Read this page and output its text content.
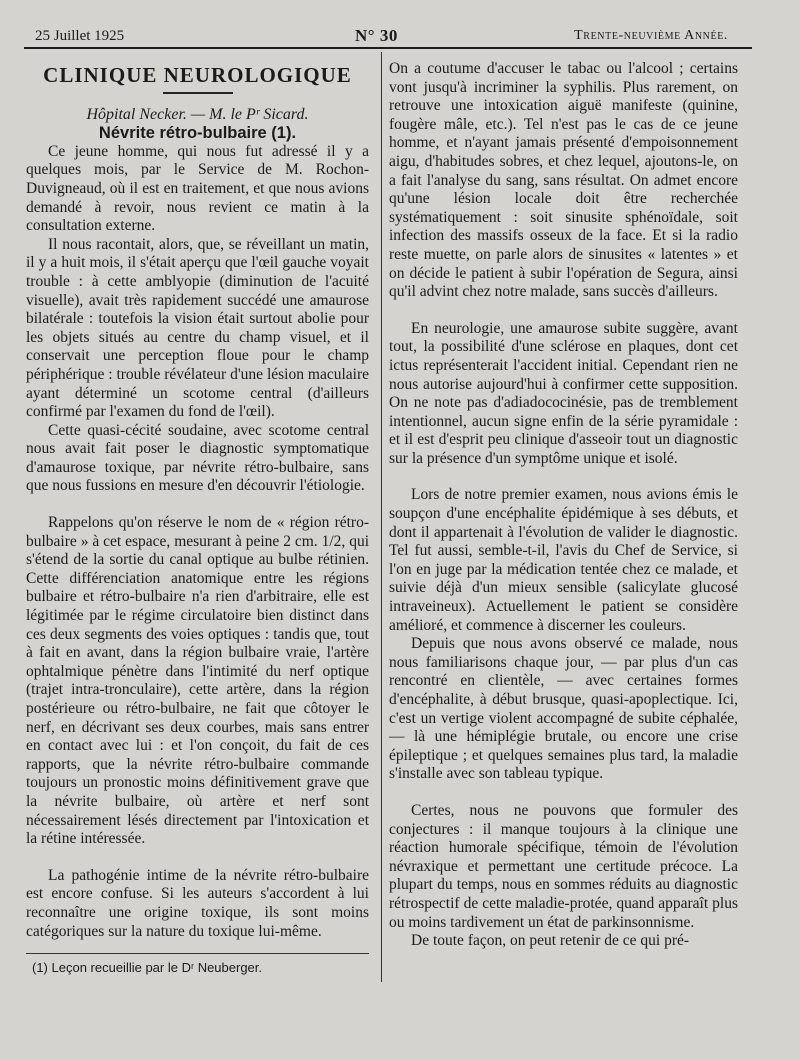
25 Juillet 1925	N° 30	Trente-neuvième Année.

CLINIQUE NEUROLOGIQUE

Hôpital Necker. — M. le Pʳ Sicard.

Névrite rétro-bulbaire (1).

Ce jeune homme, qui nous fut adressé il y a quelques mois, par le Service de M. Rochon-Duvigneaud, où il est en traitement, et que nous avions demandé à revoir, nous revient ce matin à la consultation externe.

Il nous racontait, alors, que, se réveillant un matin, il y a huit mois, il s'était aperçu que l'œil gauche voyait trouble : à cette amblyopie (diminution de l'acuité visuelle), avait très rapidement succédé une amaurose bilatérale : toutefois la vision était surtout abolie pour les objets situés au centre du champ visuel, et il conservait une perception floue pour le champ périphérique : trouble révélateur d'une lésion maculaire ayant déterminé un scotome central (d'ailleurs confirmé par l'examen du fond de l'œil).

Cette quasi-cécité soudaine, avec scotome central nous avait fait poser le diagnostic symptomatique d'amaurose toxique, par névrite rétro-bulbaire, sans que nous fussions en mesure d'en découvrir l'étiologie.

Rappelons qu'on réserve le nom de « région rétro-bulbaire » à cet espace, mesurant à peine 2 cm. 1/2, qui s'étend de la sortie du canal optique au bulbe rétinien. Cette différenciation anatomique entre les régions bulbaire et rétro-bulbaire n'a rien d'arbitraire, elle est légitimée par le régime circulatoire bien distinct dans ces deux segments des voies optiques : tandis que, tout à fait en avant, dans la région bulbaire vraie, l'artère ophtalmique pénètre dans l'intimité du nerf optique (trajet intra-tronculaire), cette artère, dans la région postérieure ou rétro-bulbaire, ne fait que côtoyer le nerf, en décrivant ses deux courbes, mais sans entrer en contact avec lui : et l'on conçoit, du fait de ces rapports, que la névrite rétro-bulbaire commande toujours un pronostic moins définitivement grave que la névrite bulbaire, où artère et nerf sont nécessairement lésés directement par l'intoxication et la rétine intéressée.

La pathogénie intime de la névrite rétro-bulbaire est encore confuse. Si les auteurs s'accordent à lui reconnaître une origine toxique, ils sont moins catégoriques sur la nature du toxique lui-même.

(1) Leçon recueillie par le Dʳ Neuberger.

On a coutume d'accuser le tabac ou l'alcool ; certains vont jusqu'à incriminer la syphilis. Plus rarement, on retrouve une intoxication aiguë manifeste (quinine, fougère mâle, etc.). Tel n'est pas le cas de ce jeune homme, et n'ayant jamais présenté d'empoisonnement aigu, d'habitudes sobres, et chez lequel, ajoutons-le, on a fait l'analyse du sang, sans résultat. On admet encore qu'une lésion locale doit être recherchée systématiquement : soit sinusite sphénoïdale, soit infection des massifs osseux de la face. Et si la radio reste muette, on parle alors de sinusites « latentes » et on décide le patient à subir l'opération de Segura, ainsi qu'il advint chez notre malade, sans succès d'ailleurs.

En neurologie, une amaurose subite suggère, avant tout, la possibilité d'une sclérose en plaques, dont cet ictus représenterait l'accident initial. Cependant rien ne nous autorise aujourd'hui à confirmer cette supposition. On ne note pas d'adiadococinésie, pas de tremblement intentionnel, aucun signe enfin de la série pyramidale : et il est d'esprit peu clinique d'asseoir tout un diagnostic sur la présence d'un symptôme unique et isolé.

Lors de notre premier examen, nous avions émis le soupçon d'une encéphalite épidémique à ses débuts, et dont il appartenait à l'évolution de valider le diagnostic. Tel fut aussi, semble-t-il, l'avis du Chef de Service, si l'on en juge par la médication tentée chez ce malade, et suivie déjà d'un mieux sensible (salicylate glucosé intraveineux). Actuellement le patient se considère amélioré, et commence à discerner les couleurs.

Depuis que nous avons observé ce malade, nous nous familiarisons chaque jour, — par plus d'un cas rencontré en clientèle, — avec certaines formes d'encéphalite, à début brusque, quasi-apoplectique. Ici, c'est un vertige violent accompagné de subite céphalée, — là une hémiplégie brutale, ou encore une crise épileptique ; et quelques semaines plus tard, la maladie s'installe avec son tableau typique.

Certes, nous ne pouvons que formuler des conjectures : il manque toujours à la clinique une réaction humorale spécifique, témoin de l'évolution névraxique et permettant une certitude précoce. La plupart du temps, nous en sommes réduits au diagnostic rétrospectif de cette maladie-protée, quand apparaît plus ou moins tardivement un état de parkinsonnisme.

De toute façon, on peut retenir de ce qui pré-
